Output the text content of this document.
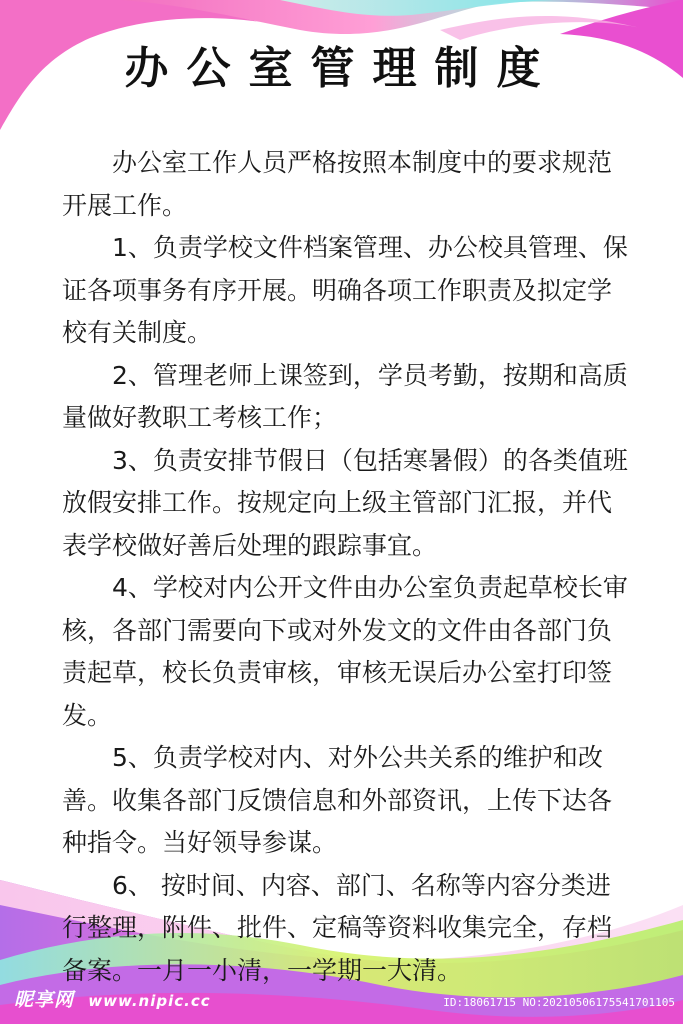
办公室管理制度

办公室工作人员严格按照本制度中的要求规范开展工作。

1、负责学校文件档案管理、办公校具管理、保证各项事务有序开展。明确各项工作职责及拟定学校有关制度。

2、管理老师上课签到，学员考勤，按期和高质量做好教职工考核工作；

3、负责安排节假日（包括寒暑假）的各类值班放假安排工作。按规定向上级主管部门汇报，并代表学校做好善后处理的跟踪事宜。

4、学校对内公开文件由办公室负责起草校长审核，各部门需要向下或对外发文的文件由各部门负责起草，校长负责审核，审核无误后办公室打印签发。

5、负责学校对内、对外公共关系的维护和改善。收集各部门反馈信息和外部资讯，上传下达各种指令。当好领导参谋。

6、 按时间、内容、部门、名称等内容分类进行整理，附件、批件、定稿等资料收集完全，存档备案。一月一小清，一学期一大清。

昵享网 www.nipic.cc	ID:18061715 NO:20210506175541701105
